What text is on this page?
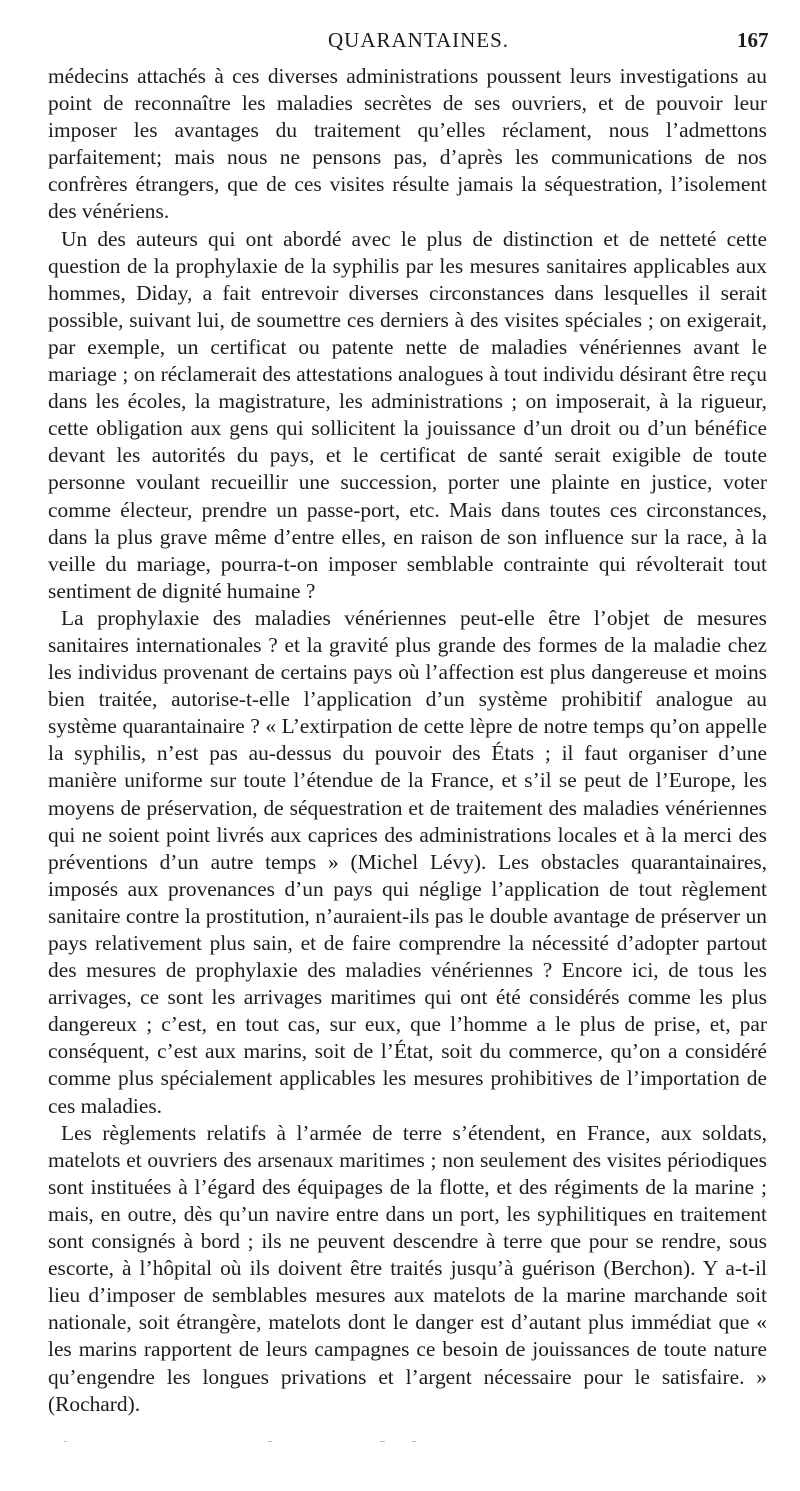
QUARANTAINES.	167

médecins attachés à ces diverses administrations poussent leurs investigations au point de reconnaître les maladies secrètes de ses ouvriers, et de pouvoir leur imposer les avantages du traitement qu’elles réclament, nous l’admettons parfaitement; mais nous ne pensons pas, d’après les communications de nos confrères étrangers, que de ces visites résulte jamais la séquestration, l’isolement des vénériens.

Un des auteurs qui ont abordé avec le plus de distinction et de netteté cette question de la prophylaxie de la syphilis par les mesures sanitaires applicables aux hommes, Diday, a fait entrevoir diverses circonstances dans lesquelles il serait possible, suivant lui, de soumettre ces derniers à des visites spéciales ; on exigerait, par exemple, un certificat ou patente nette de maladies vénériennes avant le mariage ; on réclamerait des attestations analogues à tout individu désirant être reçu dans les écoles, la magistrature, les administrations ; on imposerait, à la rigueur, cette obligation aux gens qui sollicitent la jouissance d’un droit ou d’un bénéfice devant les autorités du pays, et le certificat de santé serait exigible de toute personne voulant recueillir une succession, porter une plainte en justice, voter comme électeur, prendre un passe-port, etc. Mais dans toutes ces circonstances, dans la plus grave même d’entre elles, en raison de son influence sur la race, à la veille du mariage, pourra-t-on imposer semblable contrainte qui révolterait tout sentiment de dignité humaine ?

La prophylaxie des maladies vénériennes peut-elle être l’objet de mesures sanitaires internationales ? et la gravité plus grande des formes de la maladie chez les individus provenant de certains pays où l’affection est plus dangereuse et moins bien traitée, autorise-t-elle l’application d’un système prohibitif analogue au système quarantainaire ? « L’extirpation de cette lèpre de notre temps qu’on appelle la syphilis, n’est pas au-dessus du pouvoir des États ; il faut organiser d’une manière uniforme sur toute l’étendue de la France, et s’il se peut de l’Europe, les moyens de préservation, de séquestration et de traitement des maladies vénériennes qui ne soient point livrés aux caprices des administrations locales et à la merci des préventions d’un autre temps » (Michel Lévy). Les obstacles quarantainaires, imposés aux provenances d’un pays qui néglige l’application de tout règlement sanitaire contre la prostitution, n’auraient-ils pas le double avantage de préserver un pays relativement plus sain, et de faire comprendre la nécessité d’adopter partout des mesures de prophylaxie des maladies vénériennes ? Encore ici, de tous les arrivages, ce sont les arrivages maritimes qui ont été considérés comme les plus dangereux ; c’est, en tout cas, sur eux, que l’homme a le plus de prise, et, par conséquent, c’est aux marins, soit de l’État, soit du commerce, qu’on a considéré comme plus spécialement applicables les mesures prohibitives de l’importation de ces maladies.

Les règlements relatifs à l’armée de terre s’étendent, en France, aux soldats, matelots et ouvriers des arsenaux maritimes ; non seulement des visites périodiques sont instituées à l’égard des équipages de la flotte, et des régiments de la marine ; mais, en outre, dès qu’un navire entre dans un port, les syphilitiques en traitement sont consignés à bord ; ils ne peuvent descendre à terre que pour se rendre, sous escorte, à l’hôpital où ils doivent être traités jusqu’à guérison (Berchon). Y a-t-il lieu d’imposer de semblables mesures aux matelots de la marine marchande soit nationale, soit étrangère, matelots dont le danger est d’autant plus immédiat que « les marins rapportent de leurs campagnes ce besoin de jouissances de toute nature qu’engendre les longues privations et l’argent nécessaire pour le satisfaire. » (Rochard).
